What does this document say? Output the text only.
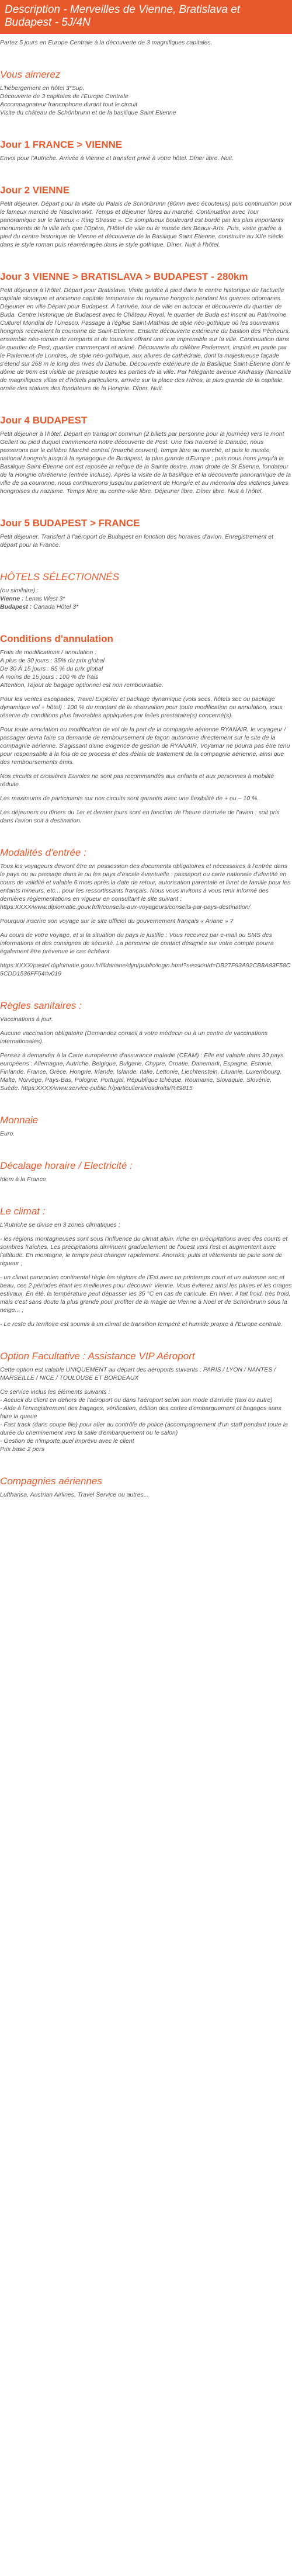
Description - Merveilles de Vienne, Bratislava et Budapest - 5J/4N

Partez 5 jours en Europe Centrale à la découverte de 3 magnifiques capitales.

Vous aimerez
L'hébergement en hôtel 3*Sup.
Découverte de 3 capitales de l'Europe Centrale
Accompagnateur francophone durant tout le circuit
Visite du château de Schönbrunn et de la basilique Saint Etienne
Jour 1 FRANCE > VIENNE

Envol pour l'Autriche. Arrivée à Vienne et transfert privé à votre hôtel. Dîner libre. Nuit.

Jour 2 VIENNE

Petit déjeuner. Départ pour la visite du Palais de Schönbrunn (60mn avec écouteurs) puis continuation pour le fameux marché de Naschmarkt. Temps et déjeuner libres au marché. Continuation avec Tour panoramique sur le fameux « Ring Strasse ». Ce somptueux boulevard est bordé par les plus importants monuments de la ville tels que l'Opéra, l'Hôtel de ville ou le musée des Beaux-Arts. Puis, visite guidée à pied du centre historique de Vienne et découverte de la Basilique Saint Etienne, construite au XIIe siècle dans le style roman puis réaménagée dans le style gothique. Dîner. Nuit à l'hôtel.

Jour 3 VIENNE > BRATISLAVA > BUDAPEST - 280km

Petit déjeuner à l'hôtel. Départ pour Bratislava. Visite guidée à pied dans le centre historique de l'actuelle capitale slovaque et ancienne capitale temporaire du royaume hongrois pendant les guerres ottomanes. Déjeuner en ville Départ pour Budapest. À l'arrivée, tour de ville en autocar et découverte du quartier de Buda. Centre historique de Budapest avec le Château Royal, le quartier de Buda est inscrit au Patrimoine Culturel Mondial de l'Unesco. Passage à l'église Saint-Mathias de style néo-gothique où les souverains hongrois recevaient la couronne de Saint-Etienne. Ensuite découverte extérieure du bastion des Pêcheurs, ensemble néo-roman de remparts et de tourelles offrant une vue imprenable sur la ville. Continuation dans le quartier de Pest, quartier commerçant et animé. Découverte du célèbre Parlement, inspiré en partie par le Parlement de Londres, de style néo-gothique, aux allures de cathédrale, dont la majestueuse façade s'étend sur 268 m le long des rives du Danube. Découverte extérieure de la Basilique Saint-Étienne dont le dôme de 96m est visible de presque toutes les parties de la ville. Par l'élégante avenue Andrassy (fiancaille de magnifiques villas et d'hôtels particuliers, arrivée sur la place des Héros, la plus grande de la capitale, ornée des statues des fondateurs de la Hongrie. Dîner. Nuit.

Jour 4 BUDAPEST

Petit déjeuner à l'hôtel. Départ en transport commun (2 billets par personne pour la journée) vers le mont Gellert ou pied duquel commencera notre découverte de Pest. Une fois traversé le Danube, nous passerons par le célèbre Marché central (marché couvert), temps libre au marché, et puis le musée national hongrois jusqu'à la synagogue de Budapest, la plus grande d'Europe ; puis nous irons jusqu'à la Basilique Saint-Étienne ont est reposée la relique de la Sainte dextre, main droite de St Étienne, fondateur de la Hongrie chrétienne (entrée incluse). Après la visite de la basilique et la découverte panoramique de la ville de sa couronne, nous continuerons jusqu'au parlement de Hongrie et au mémorial des victimes juives hongroises du nazisme. Temps libre au centre-ville libre. Déjeuner libre. Dîner libre. Nuit à l'hôtel.

Jour 5 BUDAPEST > FRANCE

Petit déjeuner. Transfert à l'aéroport de Budapest en fonction des horaires d'avion. Enregistrement et départ pour la France.

HÔTELS SÉLECTIONNÉS
(ou similaire) :
Vienne : Lenas West 3*
Budapest : Canada Hôtel 3*
Conditions d'annulation
Frais de modifications / annulation :
A plus de 30 jours : 35% du prix global
De 30 À 15 jours : 85 % du prix global
A moins de 15 jours : 100 % de frais
Attention, l'ajout de bagage optionnel est non remboursable.

Pour les ventes escapades, Travel Explorer et package dynamique (vols secs, hôtels sec ou package dynamique vol + hôtel) : 100 % du montant de la réservation pour toute modification ou annulation, sous réserve de conditions plus favorables appliquées par le/les prestataire(s) concerné(s).

Pour toute annulation ou modification de vol de la part de la compagnie aérienne RYANAIR, le voyageur / passager devra faire sa demande de remboursement de façon autonome directement sur le site de la compagnie aérienne. S'agissant d'une exigence de gestion de RYANAIR, Voyamar ne pourra pas être tenu pour responsable à la fois de ce process et des délais de traitement de la compagnie aérienne, ainsi que des remboursements émis.

Nos circuits et croisières Euvoles ne sont pas recommandés aux enfants et aux personnes à mobilité réduite.

Les maximums de participants sur nos circuits sont garantis avec une flexibilité de + ou – 10 %.

Les déjeuners ou dîners du 1er et dernier jours sont en fonction de l'heure d'arrivée de l'avion : soit pris dans l'avion soit à destination.

Modalités d'entrée :

Tous les voyageurs devront être en possession des documents obligatoires et nécessaires à l'entrée dans le pays ou au passage dans le ou les pays d'escale éventuelle : passeport ou carte nationale d'identité en cours de validité et valable 6 mois après la date de retour, autorisation parentale et livret de famille pour les enfants mineurs, etc... pour les ressortissants français. Nous vous invitons à vous tenir informé des dernières réglementations en vigueur en consultant le site suivant : https:XXXX/www.diplomatie.gouv.fr/fr/conseils-aux-voyageurs/conseils-par-pays-destination/

Pourquoi inscrire son voyage sur le site officiel du gouvernement français « Ariane » ?

Au cours de votre voyage, et si la situation du pays le justifie : Vous recevrez par e-mail ou SMS des informations et des consignes de sécurité. La personne de contact désignée sur votre compte pourra également être prévenue le cas échéant.

https:XXXX/pastel.diplomatie.gouv.fr/fildariane/dyn/public/login.html?sessionId=DB27F93A92CB8A83F58C5CDD1536FF54#v019

Règles sanitaires :

Vaccinations à jour.

Aucune vaccination obligatoire (Demandez conseil à votre médecin ou à un centre de vaccinations internationales).

Pensez à demander à la Carte européenne d'assurance maladie (CEAM) : Elle est valable dans 30 pays européens : Allemagne, Autriche, Belgique, Bulgarie, Chypre, Croatie, Danemark, Espagne, Estonie, Finlande, France, Grèce, Hongrie, Irlande, Islande, Italie, Lettonie, Liechtenstein, Lituanie, Luxembourg, Malte, Norvège, Pays-Bas, Pologne, Portugal, République tchèque, Roumanie, Slovaquie, Slovénie, Suède. https:XXXX/www.service-public.fr/particuliers/vosdroits/R49815

Monnaie

Euro.

Décalage horaire / Electricité :

Idem à la France

Le climat :

L'Autriche se divise en 3 zones climatiques :

- les régions montagneuses sont sous l'influence du climat alpin, riche en précipitations avec des courts et sombres fraîches. Les précipitations diminuent graduellement de l'ouest vers l'est et augmentent avec l'altitude. En montagne, le temps peut changer rapidement. Anoraks, pulls et vêtements de pluie sont de rigueur ;

- un climat pannonien continental règle les régions de l'Est avec un printemps court et un automne sec et beau, ces 2 périodes étant les meilleures pour découvrir Vienne. Vous éviterez ainsi les pluies et les orages estivaux. En été, la température peut dépasser les 35 °C en cas de canicule. En hiver, il fait froid, très froid, mais c'est sans doute la plus grande pour profiter de la magie de Vienne à Noël et de Schönbrunn sous la neige... ;

- Le reste du territoire est soumis à un climat de transition tempéré et humide propre à l'Europe centrale.

Option Facultative : Assistance VIP Aéroport

Cette option est valable UNIQUEMENT au départ des aéroports suivants : PARIS / LYON / NANTES / MARSEILLE / NICE / TOULOUSE ET BORDEAUX

Ce service inclus les éléments suivants :
- Accueil du client en dehors de l'aéroport ou dans l'aéroport selon son mode d'arrivée (taxi ou autre)
- Aide à l'enregistrement des bagages, vérification, édition des cartes d'embarquement et bagages sans faire la queue
- Fast track (dans coupe file) pour aller au contrôle de police (accompagnement d'un staff pendant toute la durée du cheminement vers la salle d'embarquement ou le salon)
- Gestion de n'importe quel imprévu avec le client
Prix base 2 pers
Compagnies aériennes

Lufthansa, Austrian Airlines, Travel Service ou autres...
